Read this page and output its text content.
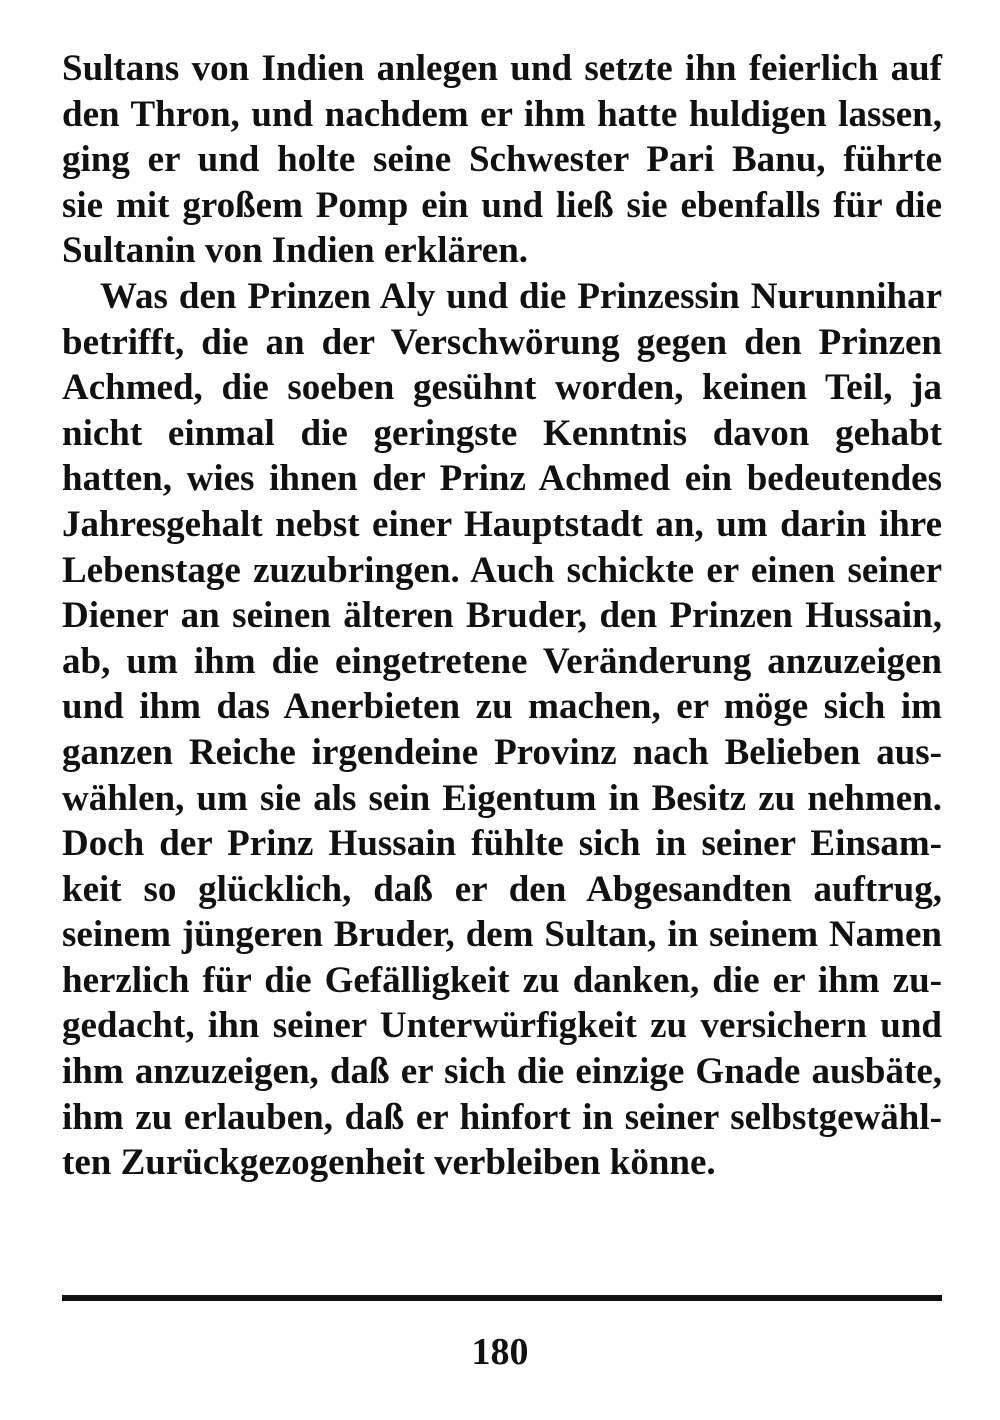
Sultans von Indien anlegen und setzte ihn feierlich auf
den Thron, und nachdem er ihm hatte huldigen lassen,
ging er und holte seine Schwester Pari Banu, führte
sie mit großem Pomp ein und ließ sie ebenfalls für die
Sultanin von Indien erklären.
Was den Prinzen Aly und die Prinzessin Nurunnihar
betrifft, die an der Verschwörung gegen den Prinzen
Achmed, die soeben gesühnt worden, keinen Teil, ja
nicht einmal die geringste Kenntnis davon gehabt
hatten, wies ihnen der Prinz Achmed ein bedeutendes
Jahresgehalt nebst einer Hauptstadt an, um darin ihre
Lebenstage zuzubringen. Auch schickte er einen seiner
Diener an seinen älteren Bruder, den Prinzen Hussain,
ab, um ihm die eingetretene Veränderung anzuzeigen
und ihm das Anerbieten zu machen, er möge sich im
ganzen Reiche irgendeine Provinz nach Belieben aus-
wählen, um sie als sein Eigentum in Besitz zu nehmen.
Doch der Prinz Hussain fühlte sich in seiner Einsam-
keit so glücklich, daß er den Abgesandten auftrug,
seinem jüngeren Bruder, dem Sultan, in seinem Namen
herzlich für die Gefälligkeit zu danken, die er ihm zu-
gedacht, ihn seiner Unterwürfigkeit zu versichern und
ihm anzuzeigen, daß er sich die einzige Gnade ausbäte,
ihm zu erlauben, daß er hinfort in seiner selbstgewähl-
ten Zurückgezogenheit verbleiben könne.
180
